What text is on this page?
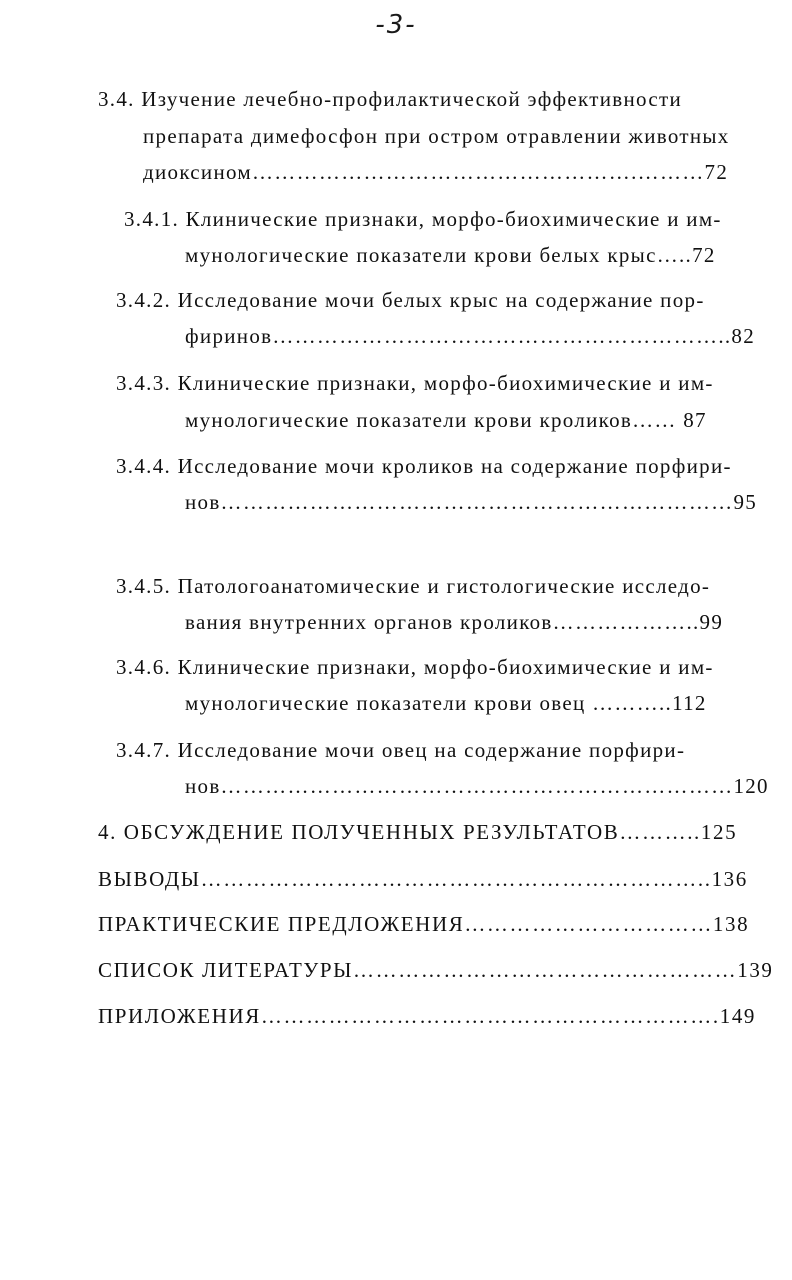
-3-
3.4. Изучение лечебно-профилактической эффективности
препарата димефосфон при остром отравлении животных
диоксином…………………………………………….………72
3.4.1. Клинические признаки, морфо-биохимические и им-
мунологические показатели крови белых крыс…..72
3.4.2. Исследование мочи белых крыс на содержание пор-
фиринов……………………………………………………..82
3.4.3. Клинические признаки, морфо-биохимические и им-
мунологические показатели крови кроликов…… 87
3.4.4. Исследование мочи кроликов на содержание порфири-
нов……………………………………………………………95
3.4.5. Патологоанатомические и гистологические исследо-
вания внутренних органов кроликов………………..99
3.4.6. Клинические признаки, морфо-биохимические и им-
мунологические показатели крови овец ………..112
3.4.7. Исследование мочи овец на содержание порфири-
нов……………………………………………………………120
4. ОБСУЖДЕНИЕ ПОЛУЧЕННЫХ РЕЗУЛЬТАТОВ………..125
ВЫВОДЫ…………………………………………………………..136
ПРАКТИЧЕСКИЕ ПРЕДЛОЖЕНИЯ……………………………138
СПИСОК ЛИТЕРАТУРЫ……………………………………………139
ПРИЛОЖЕНИЯ…………………………………………………….149
